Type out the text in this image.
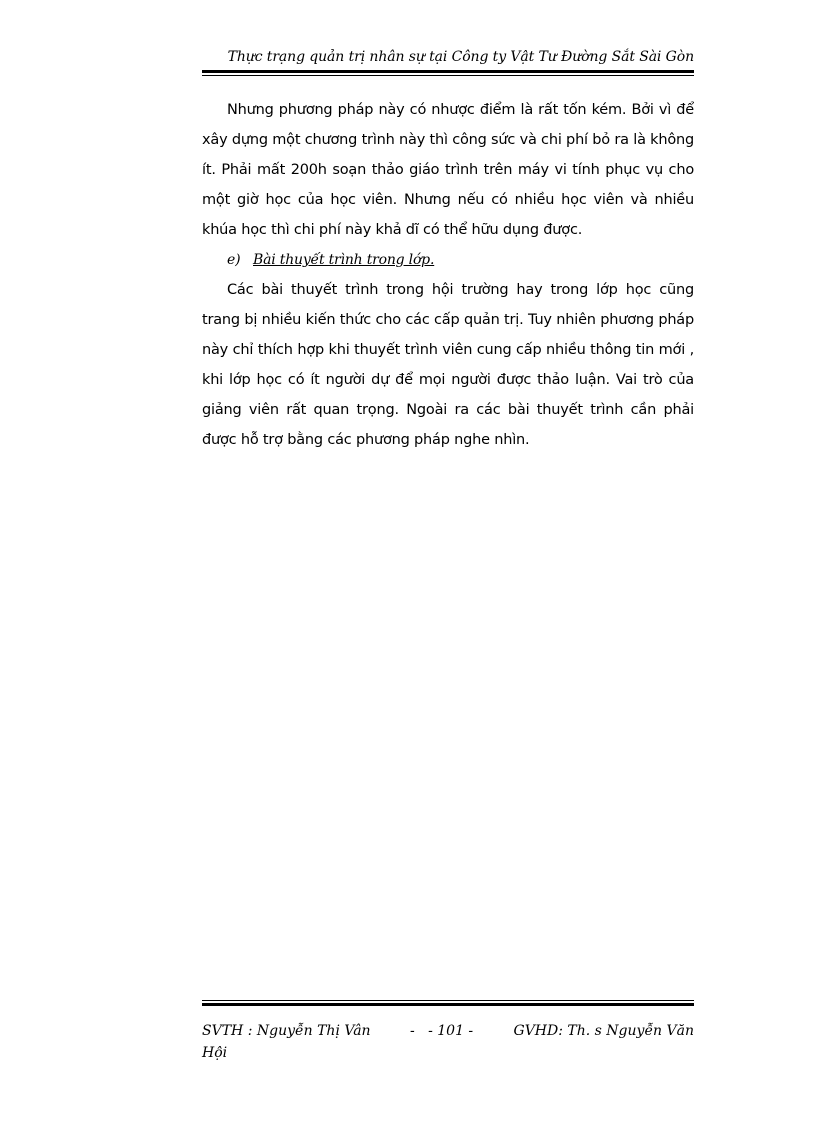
Thực trạng quản trị nhân sự tại Công ty Vật Tư Đường Sắt Sài Gòn

Nhưng phương pháp này có nhược điểm là rất tốn kém. Bởi vì để xây dựng một chương trình này thì công sức và chi phí bỏ ra là không ít. Phải mất 200h soạn thảo giáo trình trên máy vi tính phục vụ cho một giờ học của học viên. Nhưng nếu có nhiều học viên và nhiều khúa học thì chi phí này khả dĩ có thể hữu dụng được.

e) Bài thuyết trình trong lớp.

Các bài thuyết trình trong hội trường hay trong lớp học cũng trang bị nhiều kiến thức cho các cấp quản trị. Tuy nhiên phương pháp này chỉ thích hợp khi thuyết trình viên cung cấp nhiều thông tin mới , khi lớp học có ít người dự để mọi người được thảo luận. Vai trò của giảng viên rất quan trọng. Ngoài ra các bài thuyết trình cần phải được hỗ trợ bằng các phương pháp nghe nhìn.

SVTH : Nguyễn Thị Vân Hội
-   - 101 -	GVHD: Th. s Nguyễn Văn
